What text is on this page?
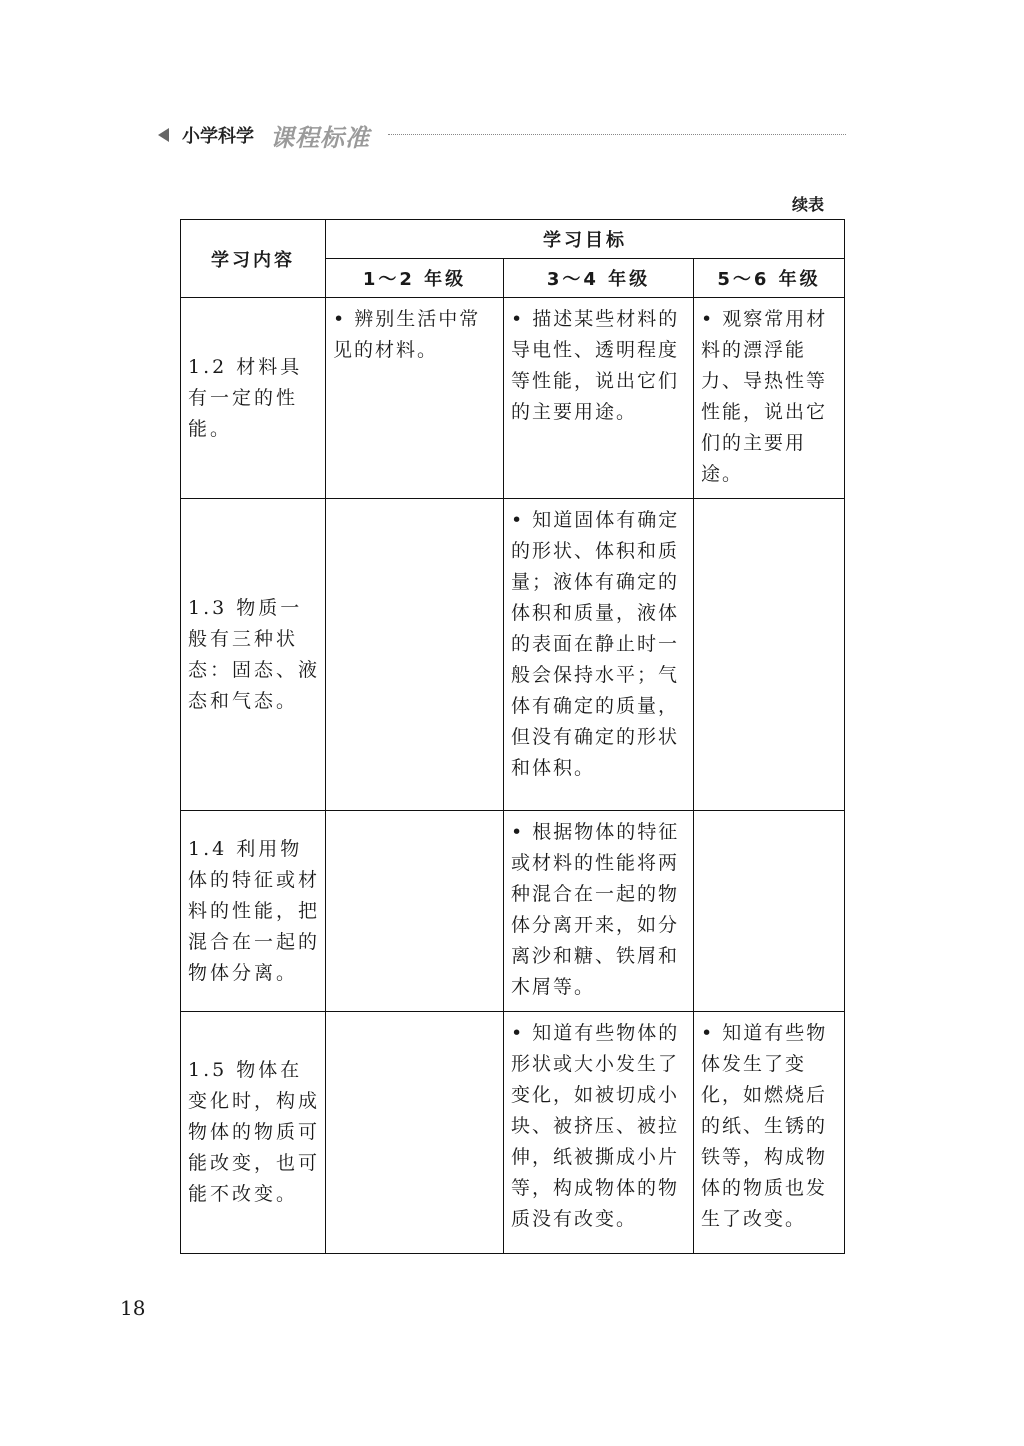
小学科学 课程标准
续表
学习内容	学习目标		
	1～2 年级	3～4 年级	5～6 年级
1.2 材料具有一定的性能。	• 辨别生活中常见的材料。	• 描述某些材料的导电性、透明程度等性能，说出它们的主要用途。	• 观察常用材料的漂浮能力、导热性等性能，说出它们的主要用途。
1.3 物质一般有三种状态：固态、液态和气态。		• 知道固体有确定的形状、体积和质量；液体有确定的体积和质量，液体的表面在静止时一般会保持水平；气体有确定的质量，但没有确定的形状和体积。	
1.4 利用物体的特征或材料的性能，把混合在一起的物体分离。		• 根据物体的特征或材料的性能将两种混合在一起的物体分离开来，如分离沙和糖、铁屑和木屑等。	
1.5 物体在变化时，构成物体的物质可能改变，也可能不改变。		• 知道有些物体的形状或大小发生了变化，如被切成小块、被挤压、被拉伸，纸被撕成小片等，构成物体的物质没有改变。	• 知道有些物体发生了变化，如燃烧后的纸、生锈的铁等，构成物体的物质也发生了改变。
18
